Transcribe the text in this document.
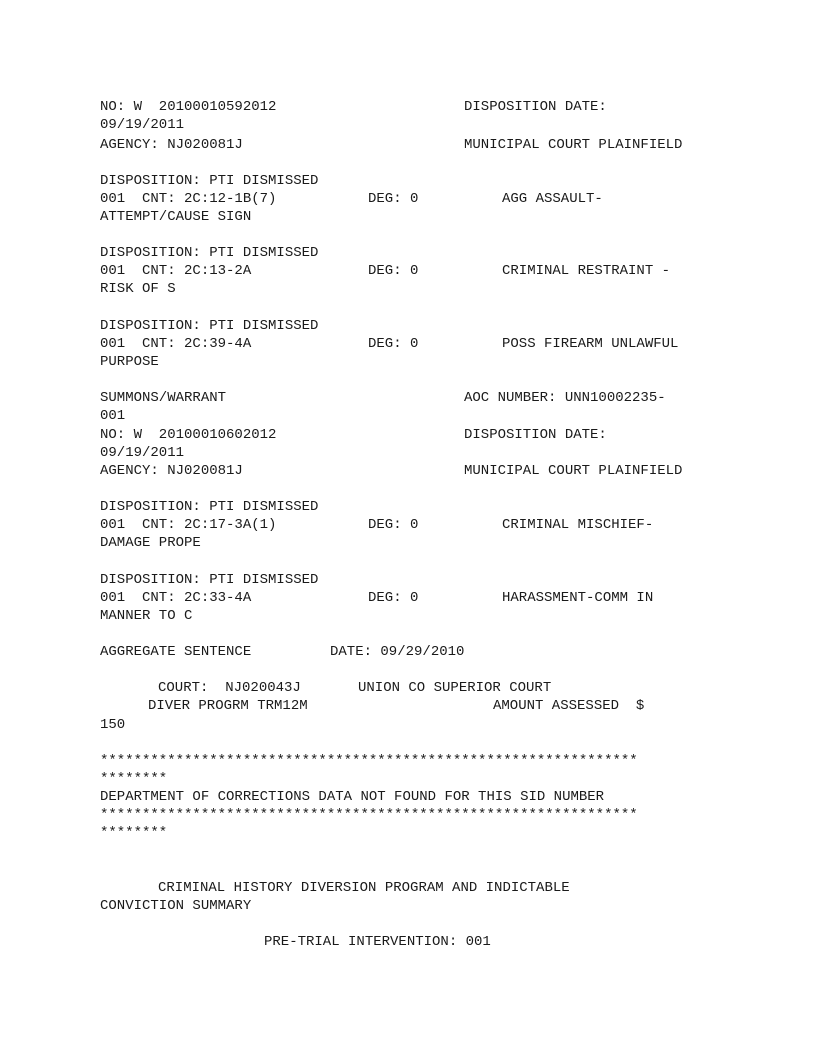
NO: W  20100010592012	DISPOSITION DATE:
09/19/2011
AGENCY: NJ020081J	MUNICIPAL COURT PLAINFIELD
DISPOSITION: PTI DISMISSED
001  CNT: 2C:12-1B(7)	DEG: 0	AGG ASSAULT-
ATTEMPT/CAUSE SIGN
DISPOSITION: PTI DISMISSED
001  CNT: 2C:13-2A	DEG: 0	CRIMINAL RESTRAINT -
RISK OF S
DISPOSITION: PTI DISMISSED
001  CNT: 2C:39-4A	DEG: 0	POSS FIREARM UNLAWFUL
PURPOSE
SUMMONS/WARRANT	AOC NUMBER: UNN10002235-
001
NO: W  20100010602012	DISPOSITION DATE:
09/19/2011
AGENCY: NJ020081J	MUNICIPAL COURT PLAINFIELD
DISPOSITION: PTI DISMISSED
001  CNT: 2C:17-3A(1)	DEG: 0	CRIMINAL MISCHIEF-
DAMAGE PROPE
DISPOSITION: PTI DISMISSED
001  CNT: 2C:33-4A	DEG: 0	HARASSMENT-COMM IN
MANNER TO C
AGGREGATE SENTENCE	DATE: 09/29/2010
COURT:  NJ020043J	UNION CO SUPERIOR COURT
DIVER PROGRM TRM12M	AMOUNT ASSESSED  $
150
****************************************************************
********
DEPARTMENT OF CORRECTIONS DATA NOT FOUND FOR THIS SID NUMBER
****************************************************************
********
CRIMINAL HISTORY DIVERSION PROGRAM AND INDICTABLE
CONVICTION SUMMARY
PRE-TRIAL INTERVENTION: 001
